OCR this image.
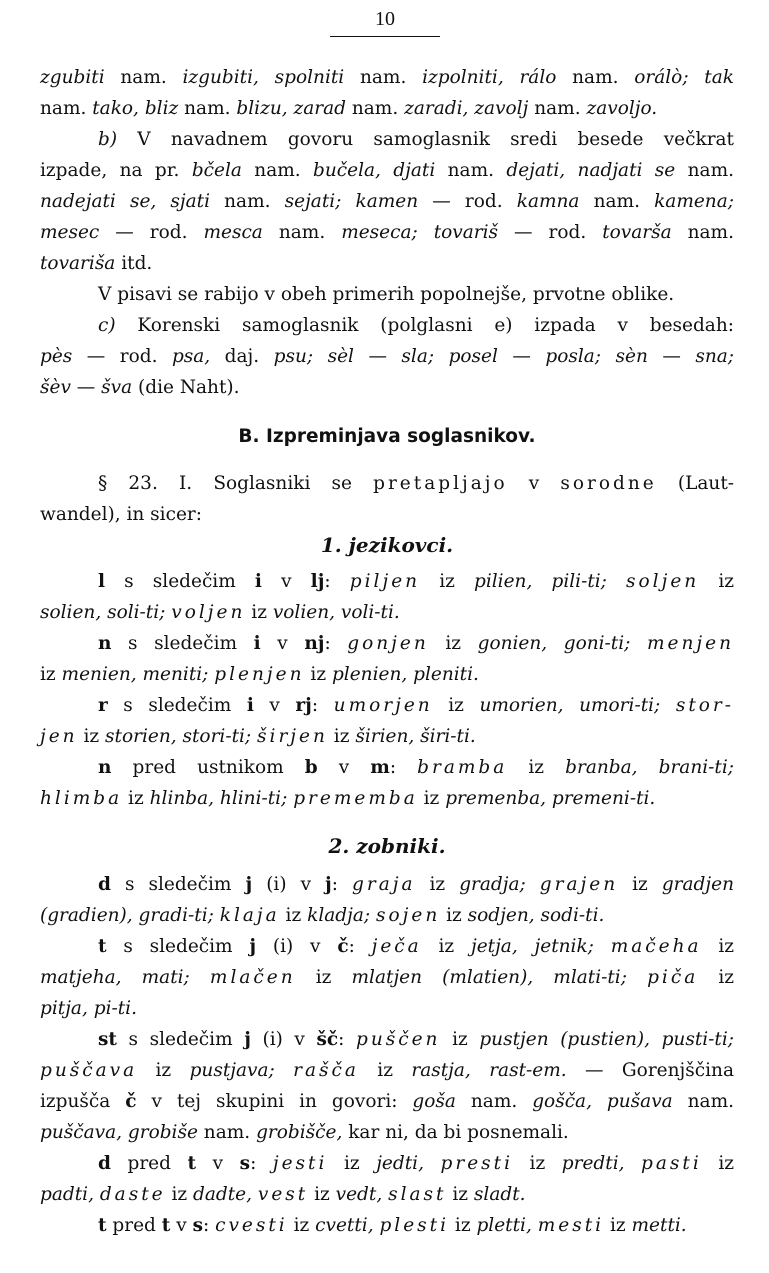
10
zgubiti nam. izgubiti, spolniti nam. izpolniti, rálo nam. orálò; tak
nam. tako, bliz nam. blizu, zarad nam. zaradi, zavolj nam. zavoljo.
b) V navadnem govoru samoglasnik sredi besede večkrat
izpade, na pr. bčela nam. bučela, djati nam. dejati, nadjati se nam.
nadejati se, sjati nam. sejati; kamen — rod. kamna nam. kamena;
mesec — rod. mesca nam. meseca; tovariš — rod. tovarša nam.
tovariša itd.
V pisavi se rabijo v obeh primerih popolnejše, prvotne oblike.
c) Korenski samoglasnik (polglasni e) izpada v besedah:
pès — rod. psa, daj. psu; sèl — sla; posel — posla; sèn — sna;
šèv — šva (die Naht).
B. Izpreminjava soglasnikov.
§ 23. I. Soglasniki se pretapljajo v sorodne (Laut-
wandel), in sicer:
1. jezikovci.
l s sledečim i v lj: piljen iz pilien, pili-ti; soljen iz
solien, soli-ti; voljen iz volien, voli-ti.
n s sledečim i v nj: gonjen iz gonien, goni-ti; menjen
iz menien, meniti; plenjen iz plenien, pleniti.
r s sledečim i v rj: umorjen iz umorien, umori-ti; stor-
jen iz storien, stori-ti; širjen iz širien, širi-ti.
n pred ustnikom b v m: bramba iz branba, brani-ti;
hlimba iz hlinba, hlini-ti; prememba iz premenba, premeni-ti.
2. zobniki.
d s sledečim j (i) v j: graja iz gradja; grajen iz gradjen
(gradien), gradi-ti; klaja iz kladja; sojen iz sodjen, sodi-ti.
t s sledečim j (i) v č: ječa iz jetja, jetnik; mačeha iz
matjeha, mati; mlačen iz mlatjen (mlatien), mlati-ti; piča iz
pitja, pi-ti.
st s sledečim j (i) v šč: puščen iz pustjen (pustien), pusti-ti;
puščava iz pustjava; rašča iz rastja, rast-em. — Gorenjščina
izpušča č v tej skupini in govori: goša nam. gošča, pušava nam.
puščava, grobiše nam. grobišče, kar ni, da bi posnemali.
d pred t v s: jesti iz jedti, presti iz predti, pasti iz
padti, daste iz dadte, vest iz vedt, slast iz sladt.
t pred t v s: cvesti iz cvetti, plesti iz pletti, mesti iz metti.
